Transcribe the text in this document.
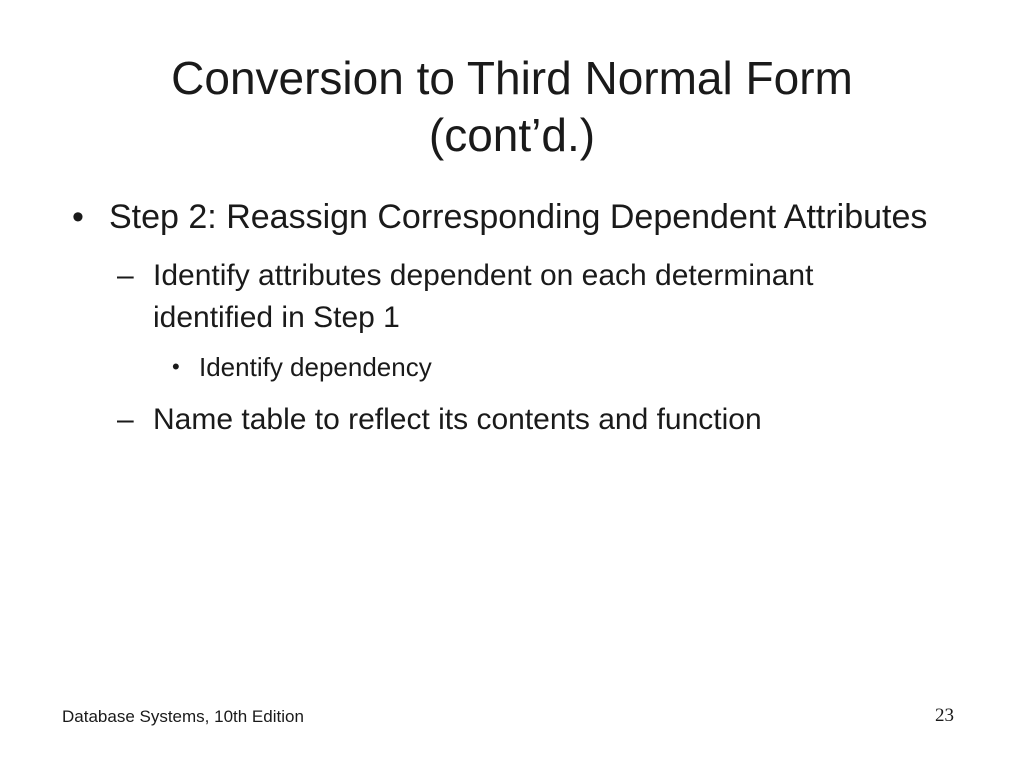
Conversion to Third Normal Form
(cont’d.)
• Step 2: Reassign Corresponding Dependent Attributes
– Identify attributes dependent on each determinant identified in Step 1
• Identify dependency
– Name table to reflect its contents and function
Database Systems, 10th Edition	23
